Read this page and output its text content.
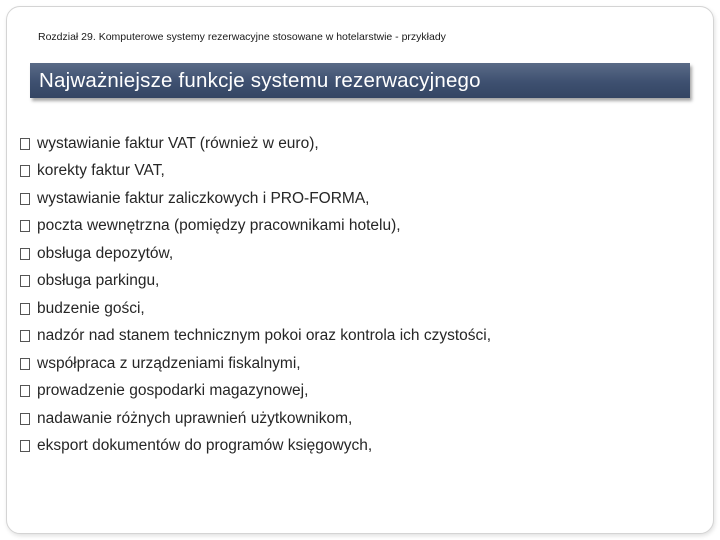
Rozdział 29. Komputerowe systemy rezerwacyjne stosowane w hotelarstwie - przykłady
Najważniejsze funkcje systemu rezerwacyjnego
wystawianie faktur VAT (również w euro),
korekty faktur VAT,
wystawianie faktur zaliczkowych i PRO-FORMA,
poczta wewnętrzna (pomiędzy pracownikami hotelu),
obsługa depozytów,
obsługa parkingu,
budzenie gości,
nadzór nad stanem technicznym pokoi oraz kontrola ich czystości,
współpraca z urządzeniami fiskalnymi,
prowadzenie gospodarki magazynowej,
nadawanie różnych uprawnień użytkownikom,
eksport dokumentów do programów księgowych,
